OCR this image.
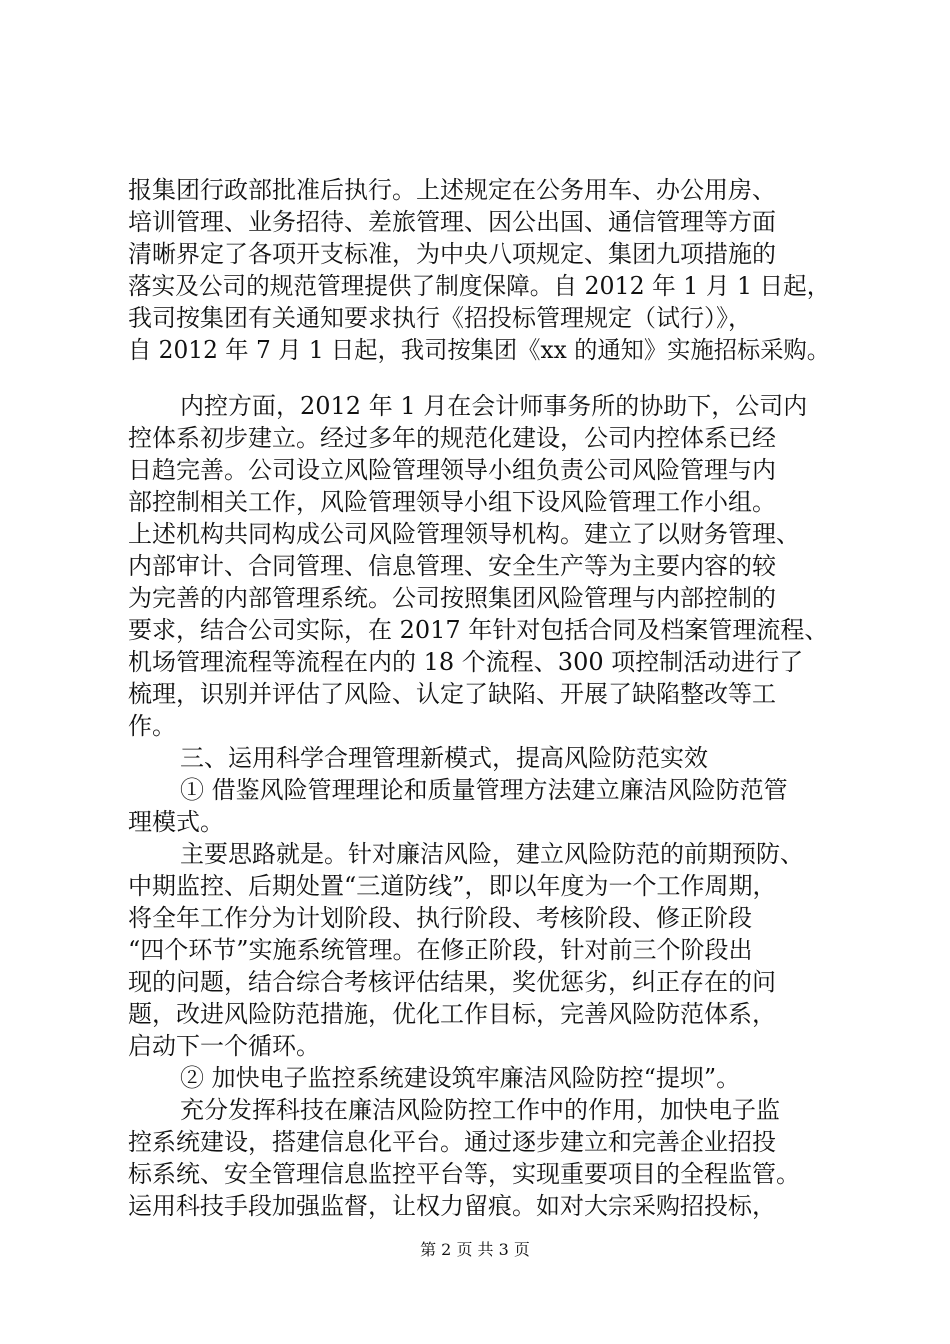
报集团行政部批准后执行。上述规定在公务用车、办公用房、
培训管理、业务招待、差旅管理、因公出国、通信管理等方面
清晰界定了各项开支标准，为中央八项规定、集团九项措施的
落实及公司的规范管理提供了制度保障。自 2012 年 1 月 1 日起，
我司按集团有关通知要求执行《招投标管理规定（试行）》，
自 2012 年 7 月 1 日起，我司按集团《xx 的通知》实施招标采购。
内控方面，2012 年 1 月在会计师事务所的协助下，公司内
控体系初步建立。经过多年的规范化建设，公司内控体系已经
日趋完善。公司设立风险管理领导小组负责公司风险管理与内
部控制相关工作，风险管理领导小组下设风险管理工作小组。
上述机构共同构成公司风险管理领导机构。建立了以财务管理、
内部审计、合同管理、信息管理、安全生产等为主要内容的较
为完善的内部管理系统。公司按照集团风险管理与内部控制的
要求，结合公司实际，在 2017 年针对包括合同及档案管理流程、
机场管理流程等流程在内的 18 个流程、300 项控制活动进行了
梳理，识别并评估了风险、认定了缺陷、开展了缺陷整改等工
作。
三、运用科学合理管理新模式，提高风险防范实效
① 借鉴风险管理理论和质量管理方法建立廉洁风险防范管
理模式。
主要思路就是。针对廉洁风险，建立风险防范的前期预防、
中期监控、后期处置“三道防线”，即以年度为一个工作周期，
将全年工作分为计划阶段、执行阶段、考核阶段、修正阶段
“四个环节”实施系统管理。在修正阶段，针对前三个阶段出
现的问题，结合综合考核评估结果，奖优惩劣，纠正存在的问
题，改进风险防范措施，优化工作目标，完善风险防范体系，
启动下一个循环。
② 加快电子监控系统建设筑牢廉洁风险防控“提坝”。
充分发挥科技在廉洁风险防控工作中的作用，加快电子监
控系统建设，搭建信息化平台。通过逐步建立和完善企业招投
标系统、安全管理信息监控平台等，实现重要项目的全程监管。
运用科技手段加强监督，让权力留痕。如对大宗采购招投标，
第 2 页 共 3 页
